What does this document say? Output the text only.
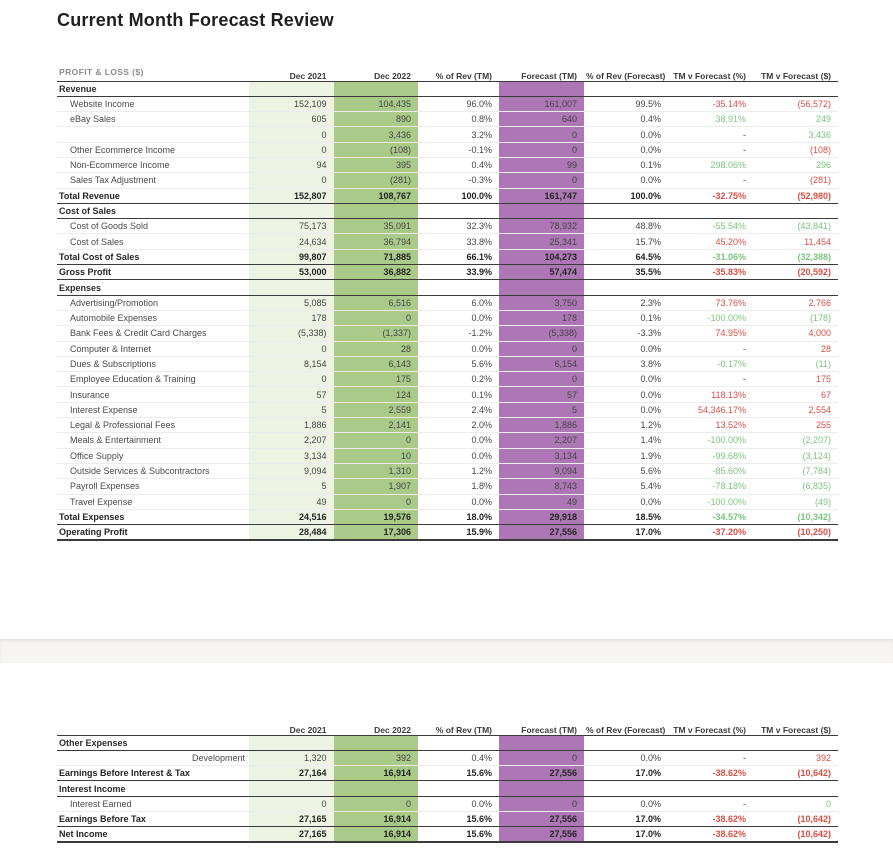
Current Month Forecast Review
PROFIT & LOSS ($)	Dec 2021	Dec 2022	% of Rev (TM)	Forecast (TM)	% of Rev (Forecast)	TM v Forecast (%)	TM v Forecast ($)
Revenue							
Website Income	152,109	104,435	96.0%	161,007	99.5%	-35.14%	(56,572)
eBay Sales	605	890	0.8%	640	0.4%	38.91%	249
	0	3,436	3.2%	0	0.0%	-	3,436
Other Ecommerce Income	0	(108)	-0.1%	0	0.0%	-	(108)
Non-Ecommerce Income	94	395	0.4%	99	0.1%	298.06%	296
Sales Tax Adjustment	0	(281)	-0.3%	0	0.0%	-	(281)
Total Revenue	152,807	108,767	100.0%	161,747	100.0%	-32.75%	(52,980)
Cost of Sales							
Cost of Goods Sold	75,173	35,091	32.3%	78,932	48.8%	-55.54%	(43,841)
Cost of Sales	24,634	36,794	33.8%	25,341	15.7%	45.20%	11,454
Total Cost of Sales	99,807	71,885	66.1%	104,273	64.5%	-31.06%	(32,388)
Gross Profit	53,000	36,882	33.9%	57,474	35.5%	-35.83%	(20,592)
Expenses							
Advertising/Promotion	5,085	6,516	6.0%	3,750	2.3%	73.76%	2,766
Automobile Expenses	178	0	0.0%	178	0.1%	-100.00%	(178)
Bank Fees & Credit Card Charges	(5,338)	(1,337)	-1.2%	(5,338)	-3.3%	74.95%	4,000
Computer & Internet	0	28	0.0%	0	0.0%	-	28
Dues & Subscriptions	8,154	6,143	5.6%	6,154	3.8%	-0.17%	(11)
Employee Education & Training	0	175	0.2%	0	0.0%	-	175
Insurance	57	124	0.1%	57	0.0%	118.13%	67
Interest Expense	5	2,559	2.4%	5	0.0%	54,346.17%	2,554
Legal & Professional Fees	1,886	2,141	2.0%	1,886	1.2%	13.52%	255
Meals & Entertainment	2,207	0	0.0%	2,207	1.4%	-100.00%	(2,207)
Office Supply	3,134	10	0.0%	3,134	1.9%	-99.68%	(3,124)
Outside Services & Subcontractors	9,094	1,310	1.2%	9,094	5.6%	-85.60%	(7,784)
Payroll Expenses	5	1,907	1.8%	8,743	5.4%	-78.18%	(6,835)
Travel Expense	49	0	0.0%	49	0.0%	-100.00%	(49)
Total Expenses	24,516	19,576	18.0%	29,918	18.5%	-34.57%	(10,342)
Operating Profit	28,484	17,306	15.9%	27,556	17.0%	-37.20%	(10,250)
	Dec 2021	Dec 2022	% of Rev (TM)	Forecast (TM)	% of Rev (Forecast)	TM v Forecast (%)	TM v Forecast ($)
Other Expenses							
Development	1,320	392	0.4%	0	0.0%	-	392
Earnings Before Interest & Tax	27,164	16,914	15.6%	27,556	17.0%	-38.62%	(10,642)
Interest Income							
Interest Earned	0	0	0.0%	0	0.0%	-	0
Earnings Before Tax	27,165	16,914	15.6%	27,556	17.0%	-38.62%	(10,642)
Net Income	27,165	16,914	15.6%	27,556	17.0%	-38.62%	(10,642)
